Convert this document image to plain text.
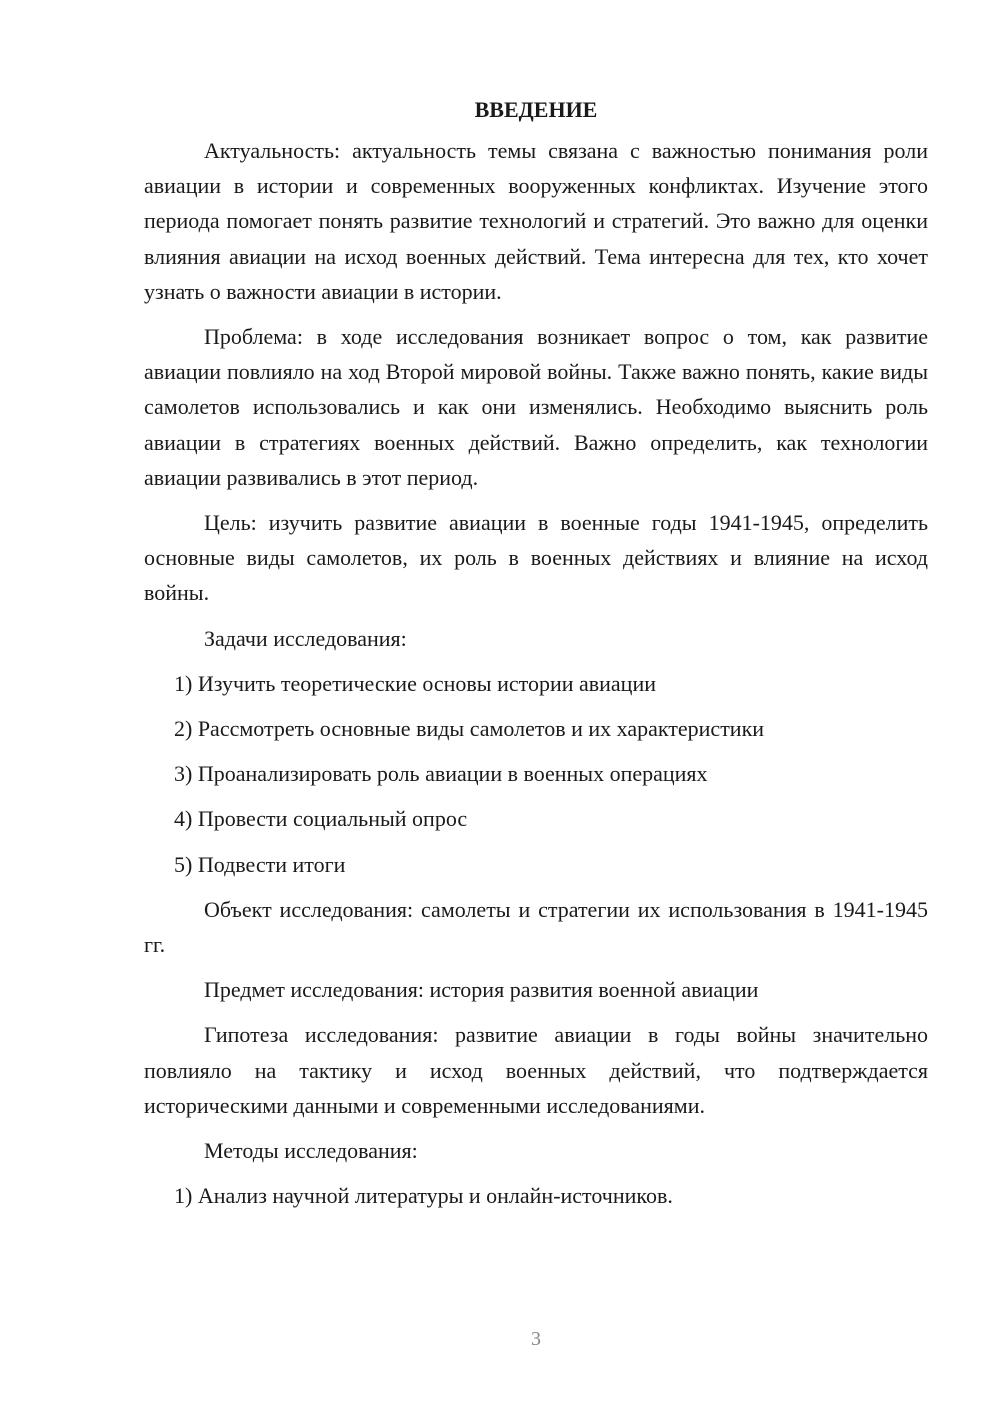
ВВЕДЕНИЕ

Актуальность: актуальность темы связана с важностью понимания роли авиации в истории и современных вооруженных конфликтах. Изучение этого периода помогает понять развитие технологий и стратегий. Это важно для оценки влияния авиации на исход военных действий. Тема интересна для тех, кто хочет узнать о важности авиации в истории.

Проблема: в ходе исследования возникает вопрос о том, как развитие авиации повлияло на ход Второй мировой войны. Также важно понять, какие виды самолетов использовались и как они изменялись. Необходимо выяснить роль авиации в стратегиях военных действий. Важно определить, как технологии авиации развивались в этот период.

Цель: изучить развитие авиации в военные годы 1941-1945, определить основные виды самолетов, их роль в военных действиях и влияние на исход войны.

Задачи исследования:

1) Изучить теоретические основы истории авиации

2) Рассмотреть основные виды самолетов и их характеристики

3) Проанализировать роль авиации в военных операциях

4) Провести социальный опрос

5) Подвести итоги

Объект исследования: самолеты и стратегии их использования в 1941-1945 гг.

Предмет исследования: история развития военной авиации

Гипотеза исследования: развитие авиации в годы войны значительно повлияло на тактику и исход военных действий, что подтверждается историческими данными и современными исследованиями.

Методы исследования:

1) Анализ научной литературы и онлайн-источников.

3
